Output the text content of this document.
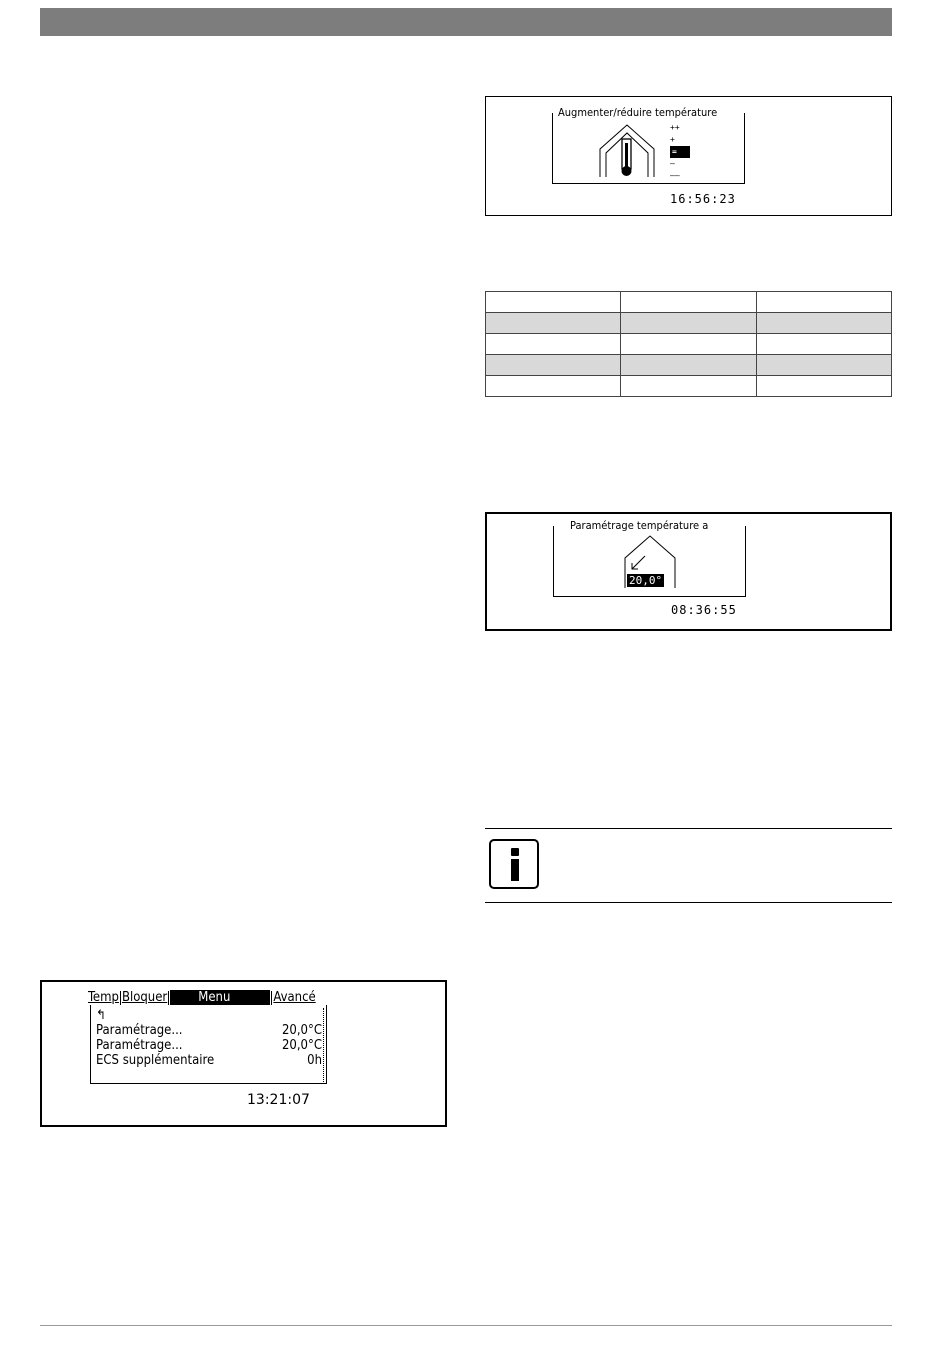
Augmenter/réduire température
++
+
=
–
––
16:56:23

Paramétrage température a
20,0°
08:36:55
Temp Bloquer Menu	Avancé
↰
Paramétrage...	20,0°C
Paramétrage...	20,0°C
ECS supplémentaire	0h
13:21:07
